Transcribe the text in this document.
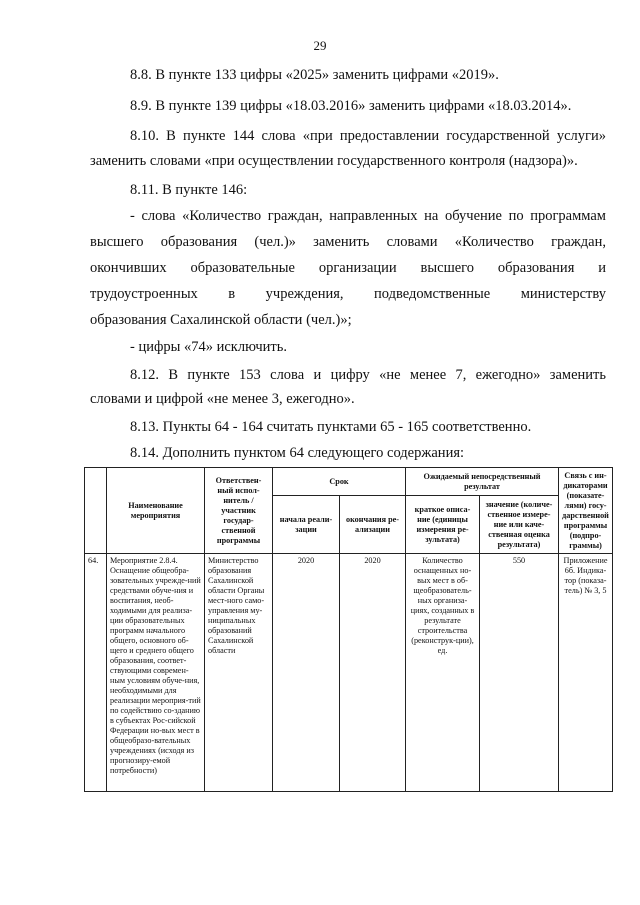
29
8.8. В пункте 133 цифры «2025» заменить цифрами «2019».
8.9. В пункте 139 цифры «18.03.2016» заменить цифрами «18.03.2014».
8.10. В пункте 144 слова «при предоставлении государственной услуги»
заменить словами «при осуществлении государственного контроля (надзора)».
8.11. В пункте 146:
- слова «Количество граждан, направленных на обучение по программам
высшего образования (чел.)» заменить словами «Количество граждан,
окончивших образовательные организации высшего образования и
трудоустроенных в учреждения, подведомственные министерству
образования Сахалинской области (чел.)»;
- цифры «74» исключить.
8.12. В пункте 153 слова и цифру «не менее 7, ежегодно» заменить
словами и цифрой «не менее 3, ежегодно».
8.13. Пункты 64 - 164 считать пунктами 65 - 165 соответственно.
8.14. Дополнить пунктом 64 следующего содержания:
	Наименование мероприятия	Ответствен-ный испол-нитель / участник государ-ственной программы	Срок		Ожидаемый непосредственный результат		Связь с ин-дикаторами (показате-лями) госу-дарственной программы (подпро-граммы)
			начала реали-зации	окончания ре-ализации	краткое описа-ние (единицы измерения ре-зультата)	значение (количе-ственное измере-ние или каче-ственная оценка результата)	
64.	Мероприятие 2.8.4. Оснащение общеобра-зовательных учрежде-ний средствами обуче-ния и воспитания, необ-ходимыми для реализа-ции образовательных программ начального общего, основного об-щего и среднего общего образования, соответ-ствующими современ-ным условиям обуче-ния, необходимыми для реализации мероприя-тий по содействию со-зданию в субъектах Рос-сийской Федерации но-вых мест в общеобразо-вательных учреждениях (исходя из прогнозиру-емой потребности)	Министерство образования Сахалинской области Органы мест-ного само-управления му-ниципальных образований Сахалинской области	2020	2020	Количество оснащенных но-вых мест в об-щеобразователь-ных организа-циях, созданных в результате строительства (реконструк-ции), ед.	550	Приложение 6б. Индика-тор (показа-тель) № 3, 5
